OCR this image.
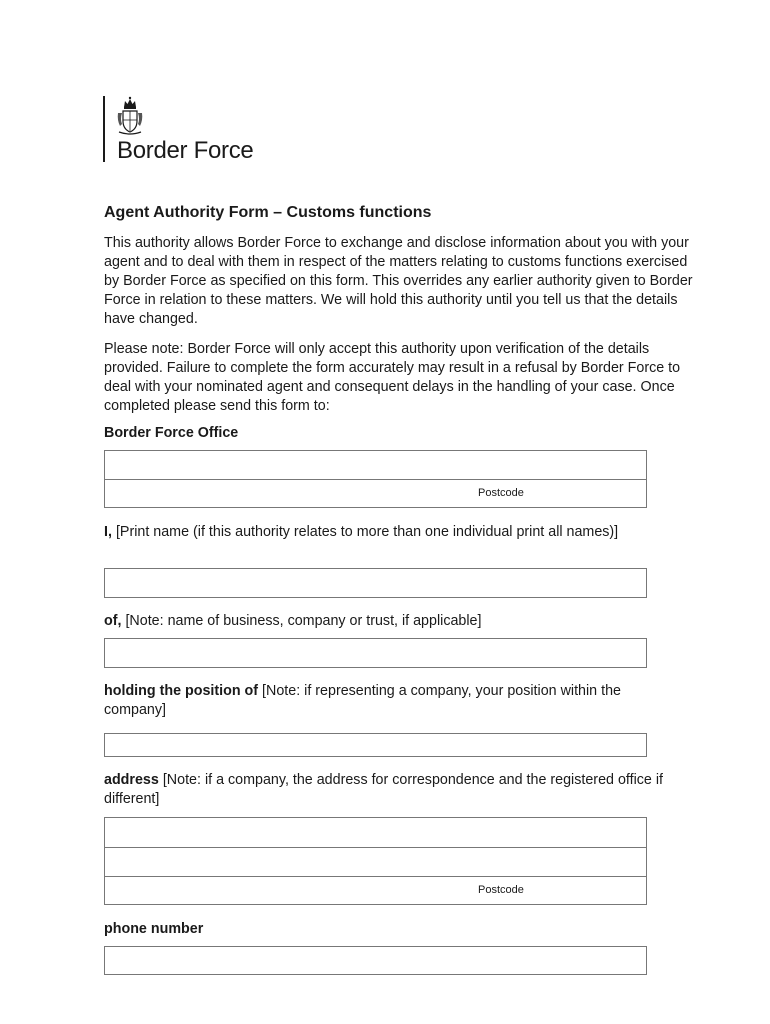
Border Force
Agent Authority Form – Customs functions

This authority allows Border Force to exchange and disclose information about you with your agent and to deal with them in respect of the matters relating to customs functions exercised by Border Force as specified on this form. This overrides any earlier authority given to Border Force in relation to these matters. We will hold this authority until you tell us that the details have changed.

Please note: Border Force will only accept this authority upon verification of the details provided. Failure to complete the form accurately may result in a refusal by Border Force to deal with your nominated agent and consequent delays in the handling of your case. Once completed please send this form to:

Border Force Office
Postcode
I, [Print name (if this authority relates to more than one individual print all names)]
of, [Note: name of business, company or trust, if applicable]
holding the position of [Note: if representing a company, your position within the company]
address [Note: if a company, the address for correspondence and the registered office if different]
Postcode
phone number
